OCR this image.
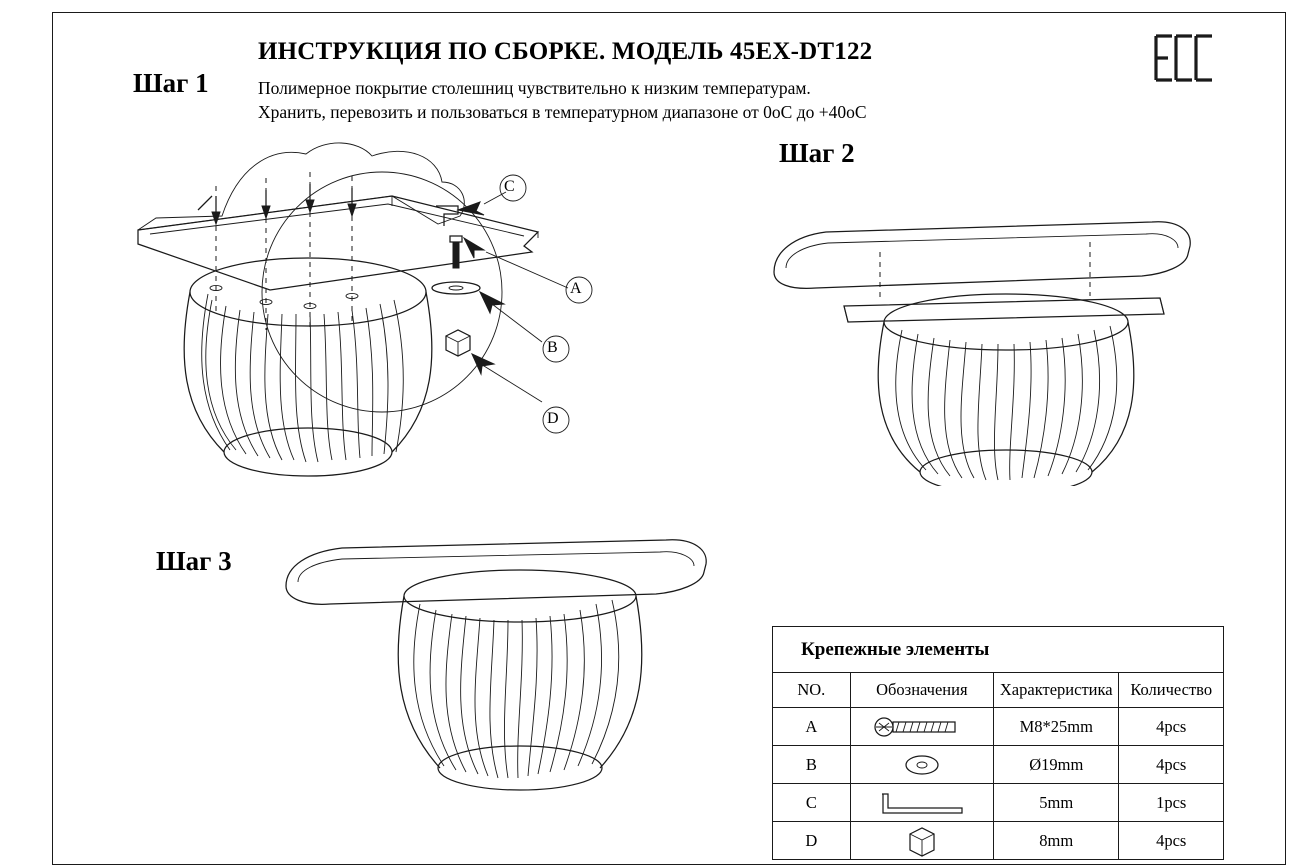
ИНСТРУКЦИЯ ПО СБОРКЕ. МОДЕЛЬ 45EX-DT122
Полимерное покрытие столешниц чувствительно к низким температурам.
Хранить, перевозить и пользоваться в температурном диапазоне от 0оC до +40оC
Шаг 1
Шаг 2
Шаг 3
C
A
B
D
Крепежные элементы
NO.	Обозначения	Характеристика	Количество
A	M8*25mm	4pcs
B	Ø19mm	4pcs
C	5mm	1pcs
D	8mm	4pcs
